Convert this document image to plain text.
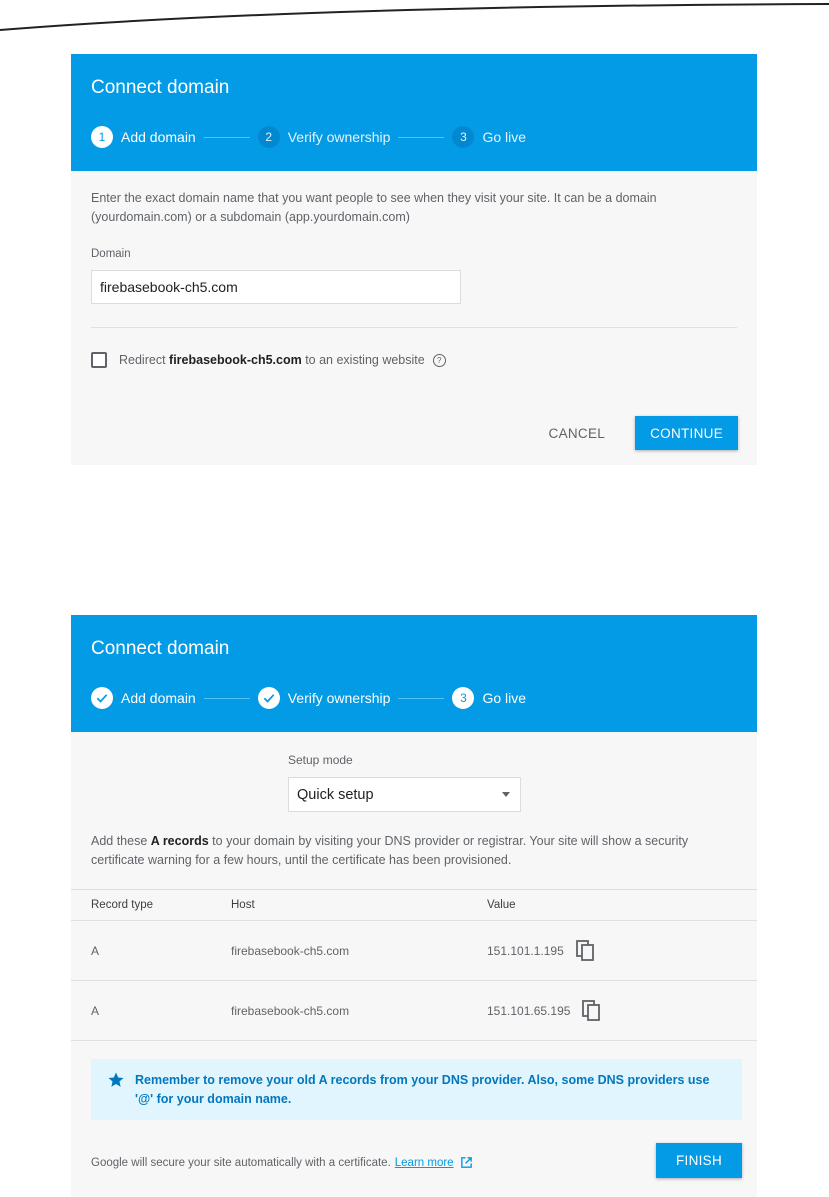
Connect domain
1	Add domain	2	Verify ownership	3	Go live

Enter the exact domain name that you want people to see when they visit your site. It can be a domain (yourdomain.com) or a subdomain (app.yourdomain.com)

Domain
firebasebook-ch5.com
Redirect
firebasebook-ch5.com
to an existing website	?
CANCEL	CONTINUE
Connect domain
Add domain	Verify ownership	3	Go live
Setup mode
Quick setup

Add these A records to your domain by visiting your DNS provider or registrar. Your site will show a security certificate warning for a few hours, until the certificate has been provisioned.

Record type	Host	Value
A	firebasebook-ch5.com	151.101.1.195
A	firebasebook-ch5.com	151.101.65.195
Remember to remove your old A records from your DNS provider. Also, some DNS providers use '@' for your domain name.
Google will secure your site automatically with a certificate. Learn more	FINISH
